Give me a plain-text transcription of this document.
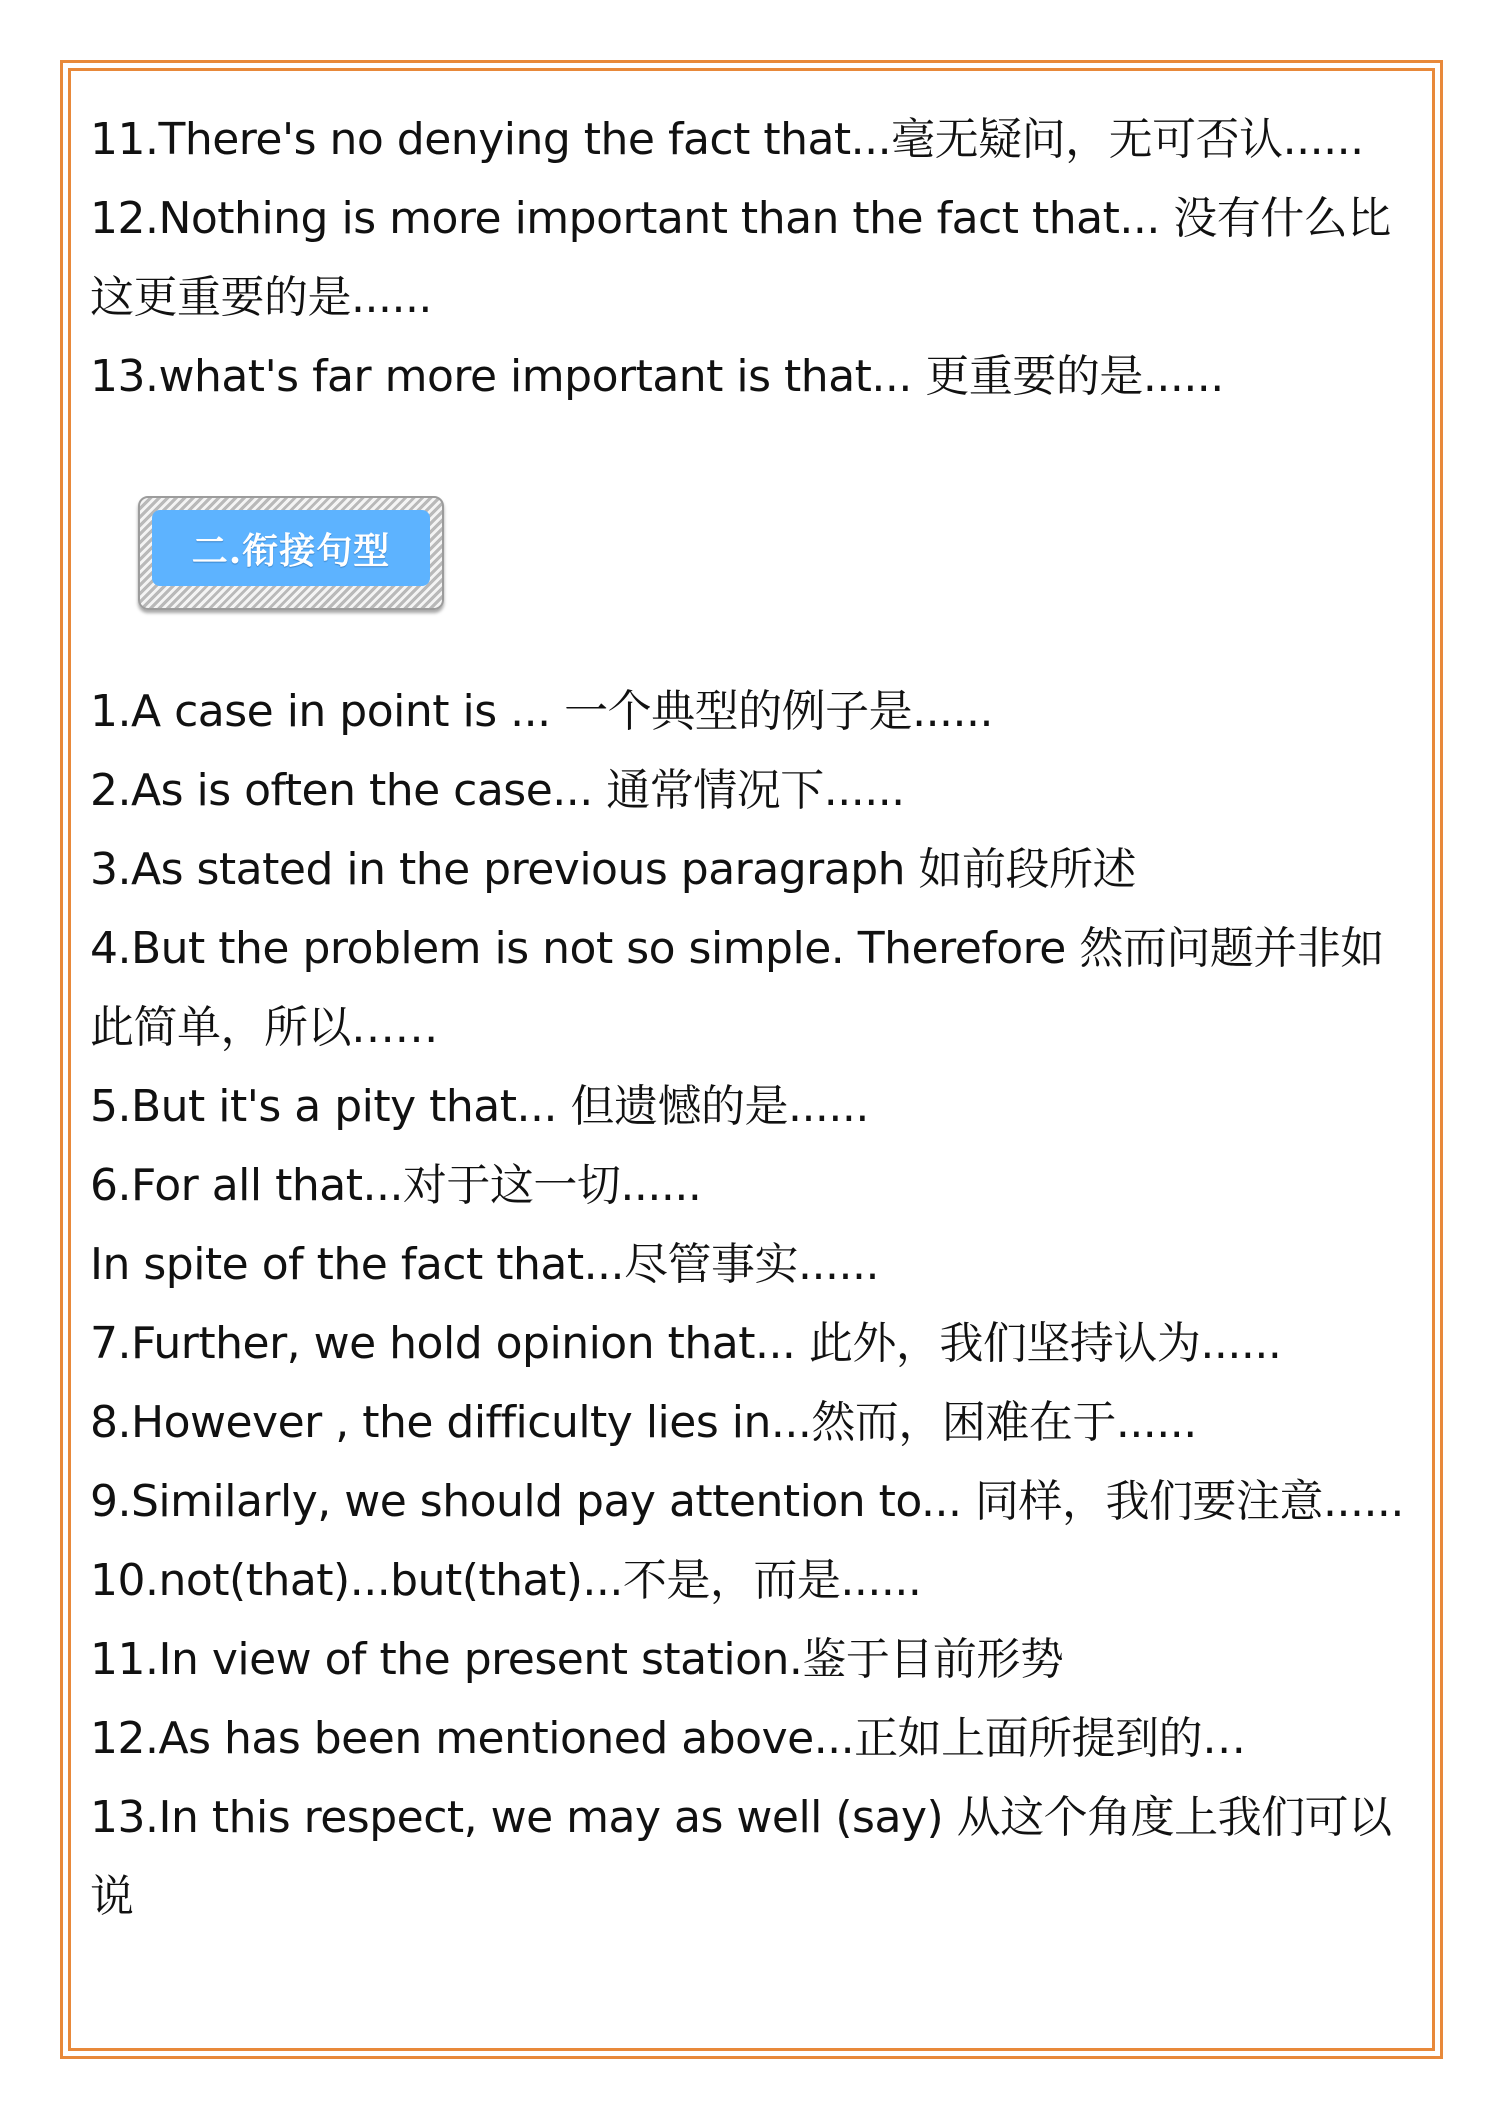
11.There's no denying the fact that...毫无疑问，无可否认......
12.Nothing is more important than the fact that... 没有什么比这更重要的是......
13.what's far more important is that... 更重要的是......
二.衔接句型
1.A case in point is ... 一个典型的例子是......
2.As is often the case... 通常情况下......
3.As stated in the previous paragraph 如前段所述
4.But the problem is not so simple. Therefore 然而问题并非如此简单，所以……
5.But it's a pity that... 但遗憾的是......
6.For all that...对于这一切......
In spite of the fact that...尽管事实......
7.Further, we hold opinion that... 此外，我们坚持认为......
8.However , the difficulty lies in...然而，困难在于......
9.Similarly, we should pay attention to... 同样，我们要注意......
10.not(that)...but(that)...不是，而是......
11.In view of the present station.鉴于目前形势
12.As has been mentioned above...正如上面所提到的…
13.In this respect, we may as well (say) 从这个角度上我们可以说
